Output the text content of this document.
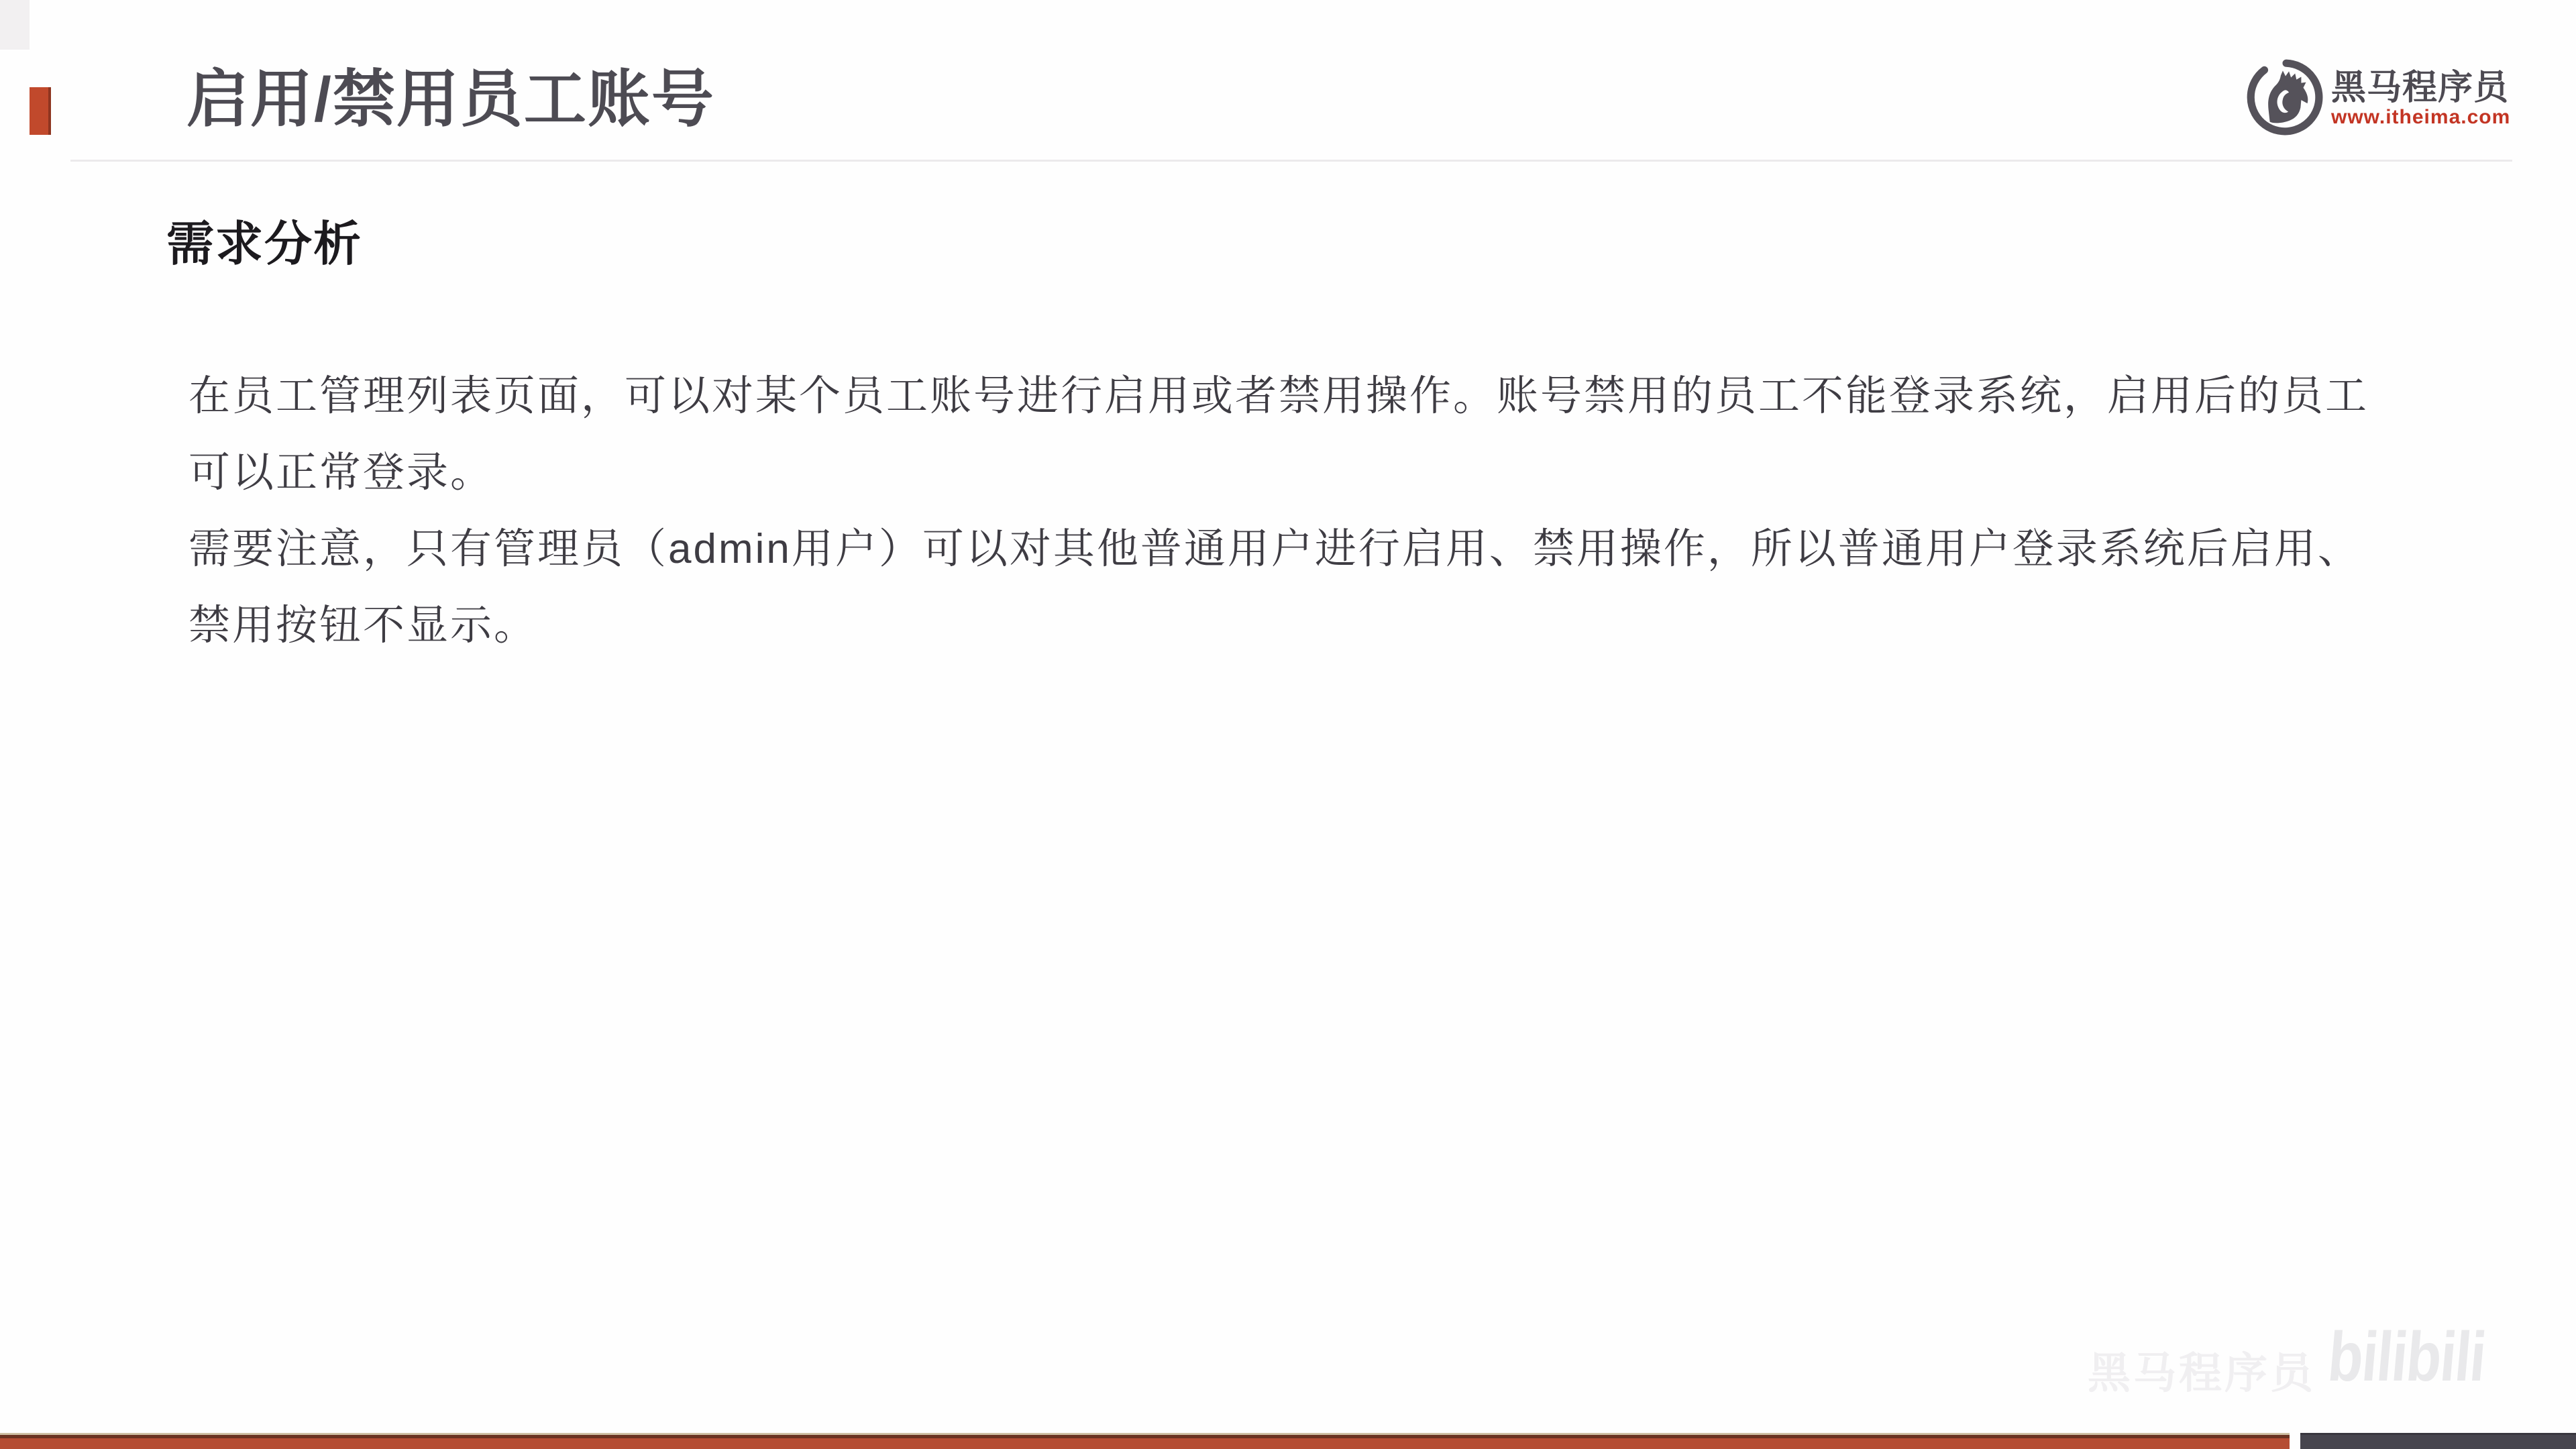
启用/禁用员工账号	黑马程序员
www.itheima.com
需求分析
在员工管理列表页面，可以对某个员工账号进行启用或者禁用操作。账号禁用的员工不能登录系统，启用后的员工
可以正常登录。
需要注意，只有管理员（admin用户）可以对其他普通用户进行启用、禁用操作，所以普通用户登录系统后启用、
禁用按钮不显示。
黑马程序员 bilibili
